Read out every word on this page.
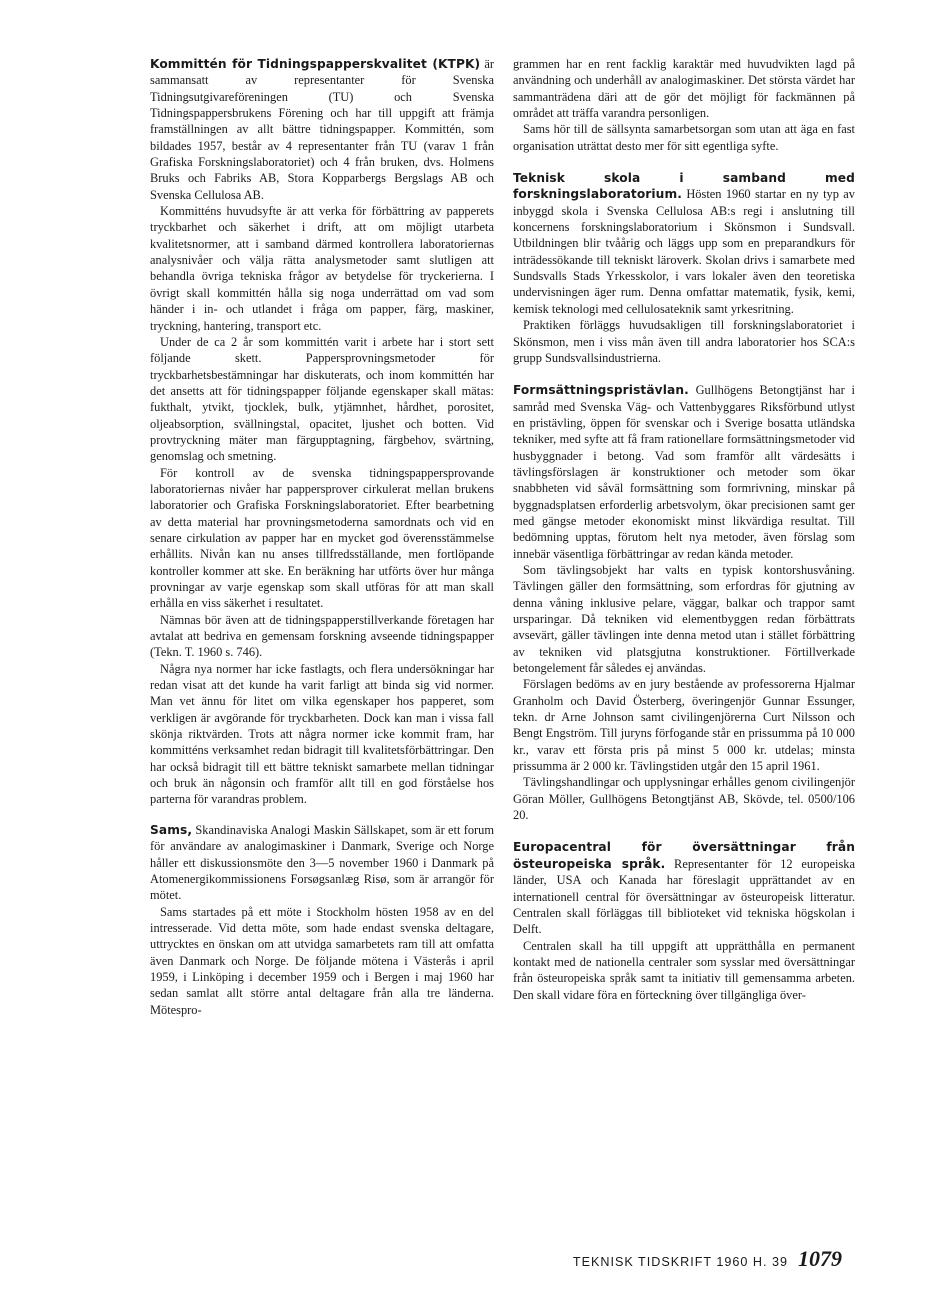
Kommittén för Tidningspapperskvalitet (KTPK) är sammansatt av representanter för Svenska Tidningsutgivareföreningen (TU) och Svenska Tidningspappersbrukens Förening och har till uppgift att främja framställningen av allt bättre tidningspapper. Kommittén, som bildades 1957, består av 4 representanter från TU (varav 1 från Grafiska Forskningslaboratoriet) och 4 från bruken, dvs. Holmens Bruks och Fabriks AB, Stora Kopparbergs Bergslags AB och Svenska Cellulosa AB.

Kommitténs huvudsyfte är att verka för förbättring av papperets tryckbarhet och säkerhet i drift, att om möjligt utarbeta kvalitetsnormer, att i samband därmed kontrollera laboratoriernas analysnivåer och välja rätta analysmetoder samt slutligen att behandla övriga tekniska frågor av betydelse för tryckerierna. I övrigt skall kommittén hålla sig noga underrättad om vad som händer i in- och utlandet i fråga om papper, färg, maskiner, tryckning, hantering, transport etc.

Under de ca 2 år som kommittén varit i arbete har i stort sett följande skett. Pappersprovningsmetoder för tryckbarhetsbestämningar har diskuterats, och inom kommittén har det ansetts att för tidningspapper följande egenskaper skall mätas: fukthalt, ytvikt, tjocklek, bulk, ytjämnhet, hårdhet, porositet, oljeabsorption, svällningstal, opacitet, ljushet och botten. Vid provtryckning mäter man färgupptagning, färgbehov, svärtning, genomslag och smetning.

För kontroll av de svenska tidningspappersprovande laboratoriernas nivåer har pappersprover cirkulerat mellan brukens laboratorier och Grafiska Forskningslaboratoriet. Efter bearbetning av detta material har provningsmetoderna samordnats och vid en senare cirkulation av papper har en mycket god överensstämmelse erhållits. Nivån kan nu anses tillfredsställande, men fortlöpande kontroller kommer att ske. En beräkning har utförts över hur många provningar av varje egenskap som skall utföras för att man skall erhålla en viss säkerhet i resultatet.

Nämnas bör även att de tidningspapperstillverkande företagen har avtalat att bedriva en gemensam forskning avseende tidningspapper (Tekn. T. 1960 s. 746).

Några nya normer har icke fastlagts, och flera undersökningar har redan visat att det kunde ha varit farligt att binda sig vid normer. Man vet ännu för litet om vilka egenskaper hos papperet, som verkligen är avgörande för tryckbarheten. Dock kan man i vissa fall skönja riktvärden. Trots att några normer icke kommit fram, har kommitténs verksamhet redan bidragit till kvalitetsförbättringar. Den har också bidragit till ett bättre tekniskt samarbete mellan tidningar och bruk än någonsin och framför allt till en god förståelse hos parterna för varandras problem.

Sams, Skandinaviska Analogi Maskin Sällskapet, som är ett forum för användare av analogimaskiner i Danmark, Sverige och Norge håller ett diskussionsmöte den 3—5 november 1960 i Danmark på Atomenergikommissionens Forsøgsanlæg Risø, som är arrangör för mötet.

Sams startades på ett möte i Stockholm hösten 1958 av en del intresserade. Vid detta möte, som hade endast svenska deltagare, uttrycktes en önskan om att utvidga samarbetets ram till att omfatta även Danmark och Norge. De följande mötena i Västerås i april 1959, i Linköping i december 1959 och i Bergen i maj 1960 har sedan samlat allt större antal deltagare från alla tre länderna. Mötespro-

grammen har en rent facklig karaktär med huvudvikten lagd på användning och underhåll av analogimaskiner. Det största värdet har sammanträdena däri att de gör det möjligt för fackmännen på området att träffa varandra personligen.

Sams hör till de sällsynta samarbetsorgan som utan att äga en fast organisation uträttat desto mer för sitt egentliga syfte.

Teknisk skola i samband med forskningslaboratorium. Hösten 1960 startar en ny typ av inbyggd skola i Svenska Cellulosa AB:s regi i anslutning till koncernens forskningslaboratorium i Skönsmon i Sundsvall. Utbildningen blir tvåårig och läggs upp som en preparandkurs för inträdessökande till tekniskt läroverk. Skolan drivs i samarbete med Sundsvalls Stads Yrkesskolor, i vars lokaler även den teoretiska undervisningen äger rum. Denna omfattar matematik, fysik, kemi, kemisk teknologi med cellulosateknik samt yrkesritning.

Praktiken förläggs huvudsakligen till forskningslaboratoriet i Skönsmon, men i viss mån även till andra laboratorier hos SCA:s grupp Sundsvallsindustrierna.

Formsättningspristävlan. Gullhögens Betongtjänst har i samråd med Svenska Väg- och Vattenbyggares Riksförbund utlyst en pristävling, öppen för svenskar och i Sverige bosatta utländska tekniker, med syfte att få fram rationellare formsättningsmetoder vid husbyggnader i betong. Vad som framför allt värdesätts i tävlingsförslagen är konstruktioner och metoder som ökar snabbheten vid såväl formsättning som formrivning, minskar på byggnadsplatsen erforderlig arbetsvolym, ökar precisionen samt ger med gängse metoder ekonomiskt minst likvärdiga resultat. Till bedömning upptas, förutom helt nya metoder, även förslag som innebär väsentliga förbättringar av redan kända metoder.

Som tävlingsobjekt har valts en typisk kontorshusvåning. Tävlingen gäller den formsättning, som erfordras för gjutning av denna våning inklusive pelare, väggar, balkar och trappor samt ursparingar. Då tekniken vid elementbyggen redan förbättrats avsevärt, gäller tävlingen inte denna metod utan i stället förbättring av tekniken vid platsgjutna konstruktioner. Förtillverkade betongelement får således ej användas.

Förslagen bedöms av en jury bestående av professorerna Hjalmar Granholm och David Österberg, överingenjör Gunnar Essunger, tekn. dr Arne Johnson samt civilingenjörerna Curt Nilsson och Bengt Engström. Till juryns förfogande står en prissumma på 10 000 kr., varav ett första pris på minst 5 000 kr. utdelas; minsta prissumma är 2 000 kr. Tävlingstiden utgår den 15 april 1961.

Tävlingshandlingar och upplysningar erhålles genom civilingenjör Göran Möller, Gullhögens Betongtjänst AB, Skövde, tel. 0500/106 20.

Europacentral för översättningar från östeuropeiska språk. Representanter för 12 europeiska länder, USA och Kanada har föreslagit upprättandet av en internationell central för översättningar av östeuropeisk litteratur. Centralen skall förläggas till biblioteket vid tekniska högskolan i Delft.

Centralen skall ha till uppgift att upprätthålla en permanent kontakt med de nationella centraler som sysslar med översättningar från östeuropeiska språk samt ta initiativ till gemensamma arbeten. Den skall vidare föra en förteckning över tillgängliga över-

TEKNISK TIDSKRIFT 1960 H. 39 1079
